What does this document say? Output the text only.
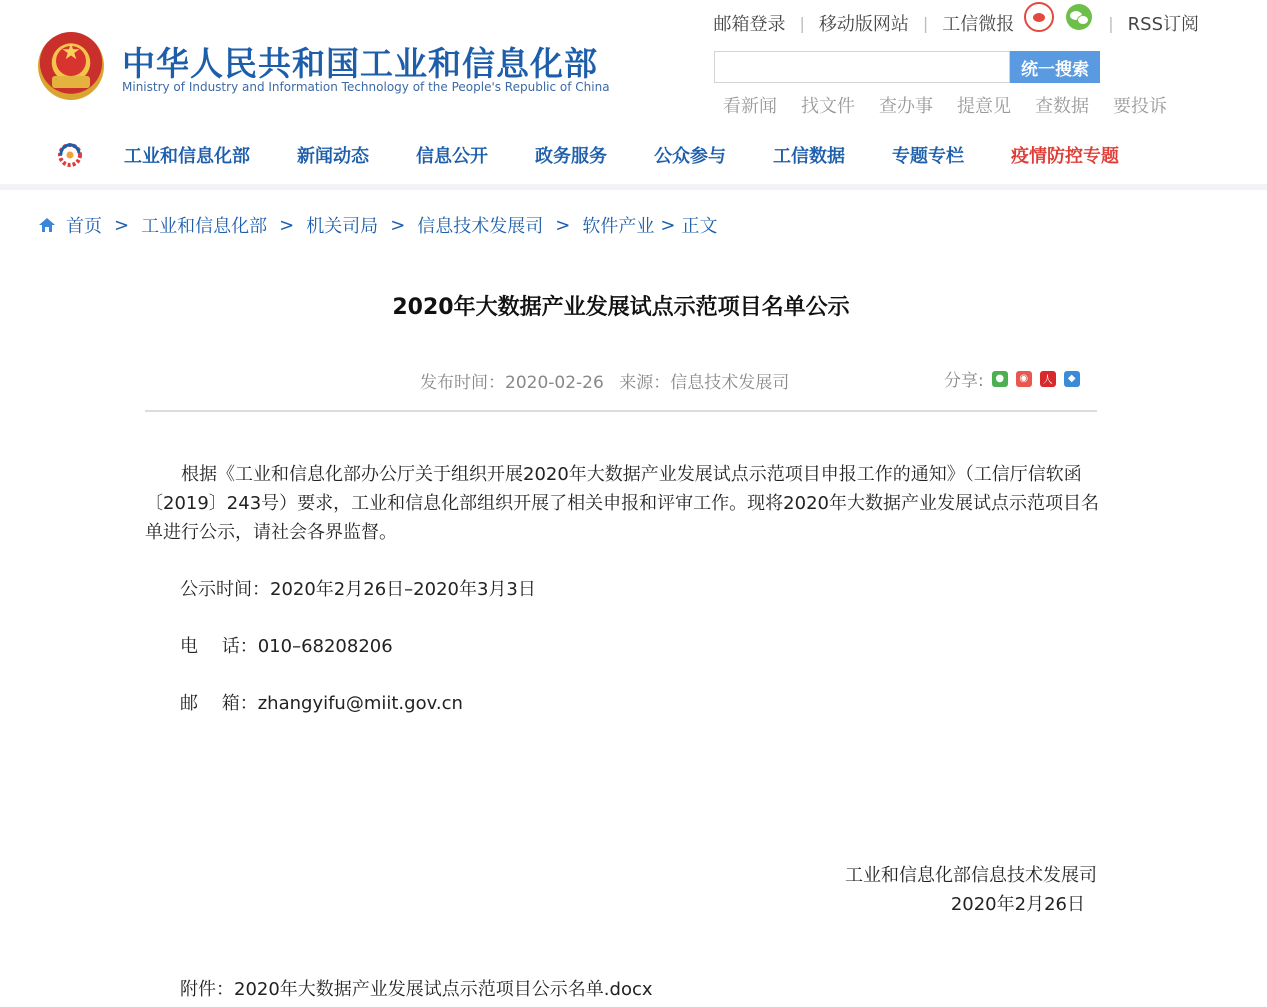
★	中华人民共和国工业和信息化部
Ministry of Industry and Information Technology of the People's Republic of China
邮箱登录 | 移动版网站 | 工信微报	| RSS订阅
统一搜索
看新闻 找文件 查办事 提意见 查数据 要投诉
工业和信息化部	新闻动态	信息公开	政务服务	公众参与	工信数据	专题专栏	疫情防控专题
首页 > 工业和信息化部 > 机关司局 > 信息技术发展司 > 软件产业 > 正文
2020年大数据产业发展试点示范项目名单公示
发布时间：2020-02-26 来源：信息技术发展司	分享:	●	◉	人	◆
根据《工业和信息化部办公厅关于组织开展2020年大数据产业发展试点示范项目申报工作的通知》（工信厅信软函〔2019〕243号）要求，工业和信息化部组织开展了相关申报和评审工作。现将2020年大数据产业发展试点示范项目名单进行公示，请社会各界监督。
公示时间：2020年2月26日–2020年3月3日
电　 话：010–68208206
邮　 箱：zhangyifu@miit.gov.cn
工业和信息化部信息技术发展司
2020年2月26日
附件：2020年大数据产业发展试点示范项目公示名单.docx
